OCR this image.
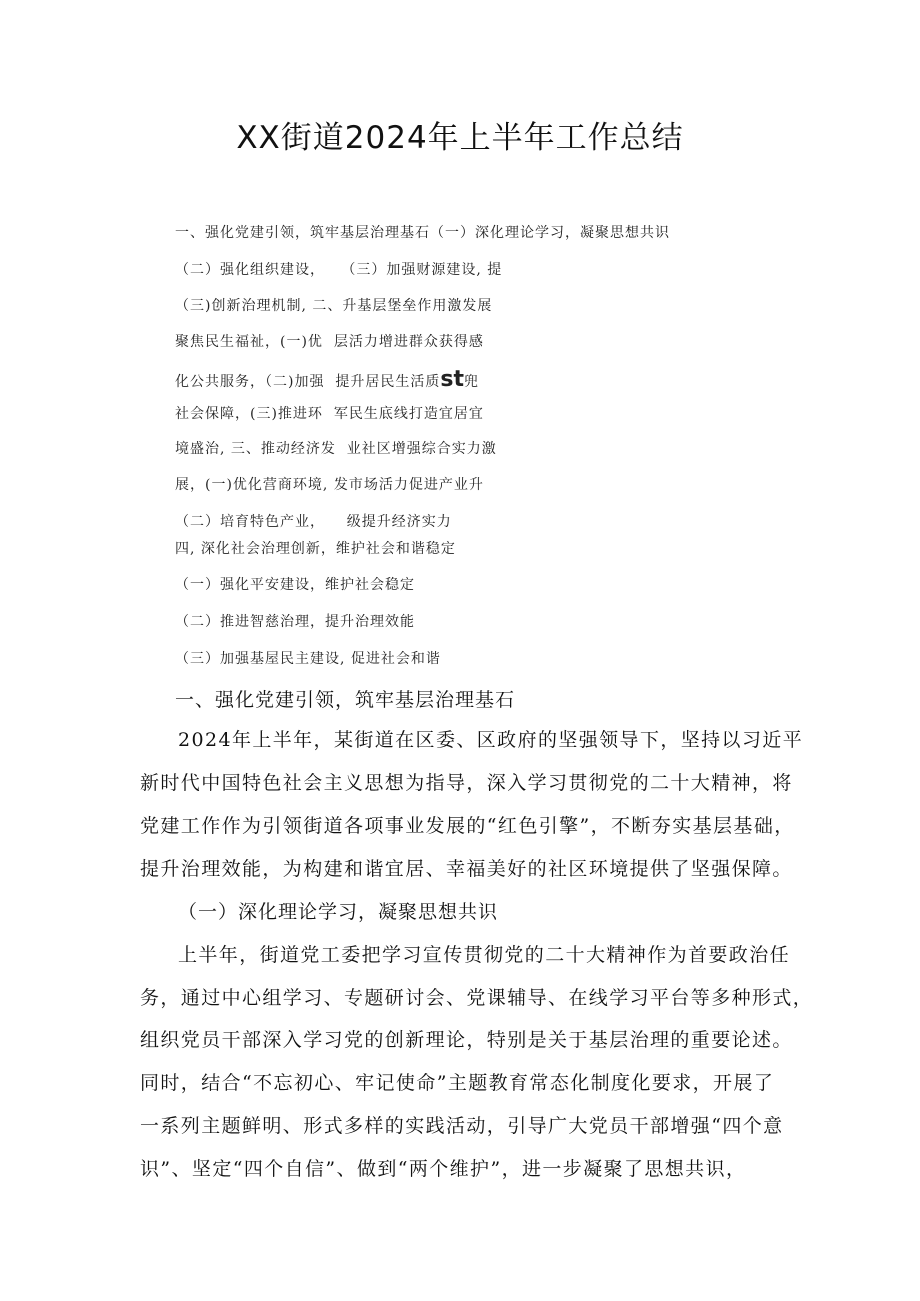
XX街道2024年上半年工作总结
一、强化党建引领，筑牢基层治理基石（一）深化理论学习，凝聚思想共识
（二）强化组织建设，   （三）加强财源建设, 提
（三)创新治理机制, 二、升基层堡垒作用激发展
聚焦民生福祉，(一)优  层活力增进群众获得感
化公共服务，（二)加强  提升居民生活质st兜
社会保障，(三)推进环  军民生底线打造宜居宜
境盛治, 三、推动经济发  业社区增强综合实力激
展，(一)优化营商环境, 发市场活力促进产业升
（二）培育特色产业，    级提升经济实力
四, 深化社会治理创新，维护社会和谐稳定
（一）强化平安建设，维护社会稳定
（二）推进智慈治理，提升治理效能
（三）加强基屋民主建设, 促进社会和谐
一、强化党建引领，筑牢基层治理基石
2024年上半年，某街道在区委、区政府的坚强领导下，坚持以习近平
新时代中国特色社会主义思想为指导，深入学习贯彻党的二十大精神，将
党建工作作为引领街道各项事业发展的“红色引擎”，不断夯实基层基础，
提升治理效能，为构建和谐宜居、幸福美好的社区环境提供了坚强保障。
（一）深化理论学习，凝聚思想共识
上半年，街道党工委把学习宣传贯彻党的二十大精神作为首要政治任
务，通过中心组学习、专题研讨会、党课辅导、在线学习平台等多种形式，
组织党员干部深入学习党的创新理论，特别是关于基层治理的重要论述。
同时，结合“不忘初心、牢记使命”主题教育常态化制度化要求，开展了
一系列主题鲜明、形式多样的实践活动，引导广大党员干部增强“四个意
识”、坚定“四个自信”、做到“两个维护”，进一步凝聚了思想共识，
